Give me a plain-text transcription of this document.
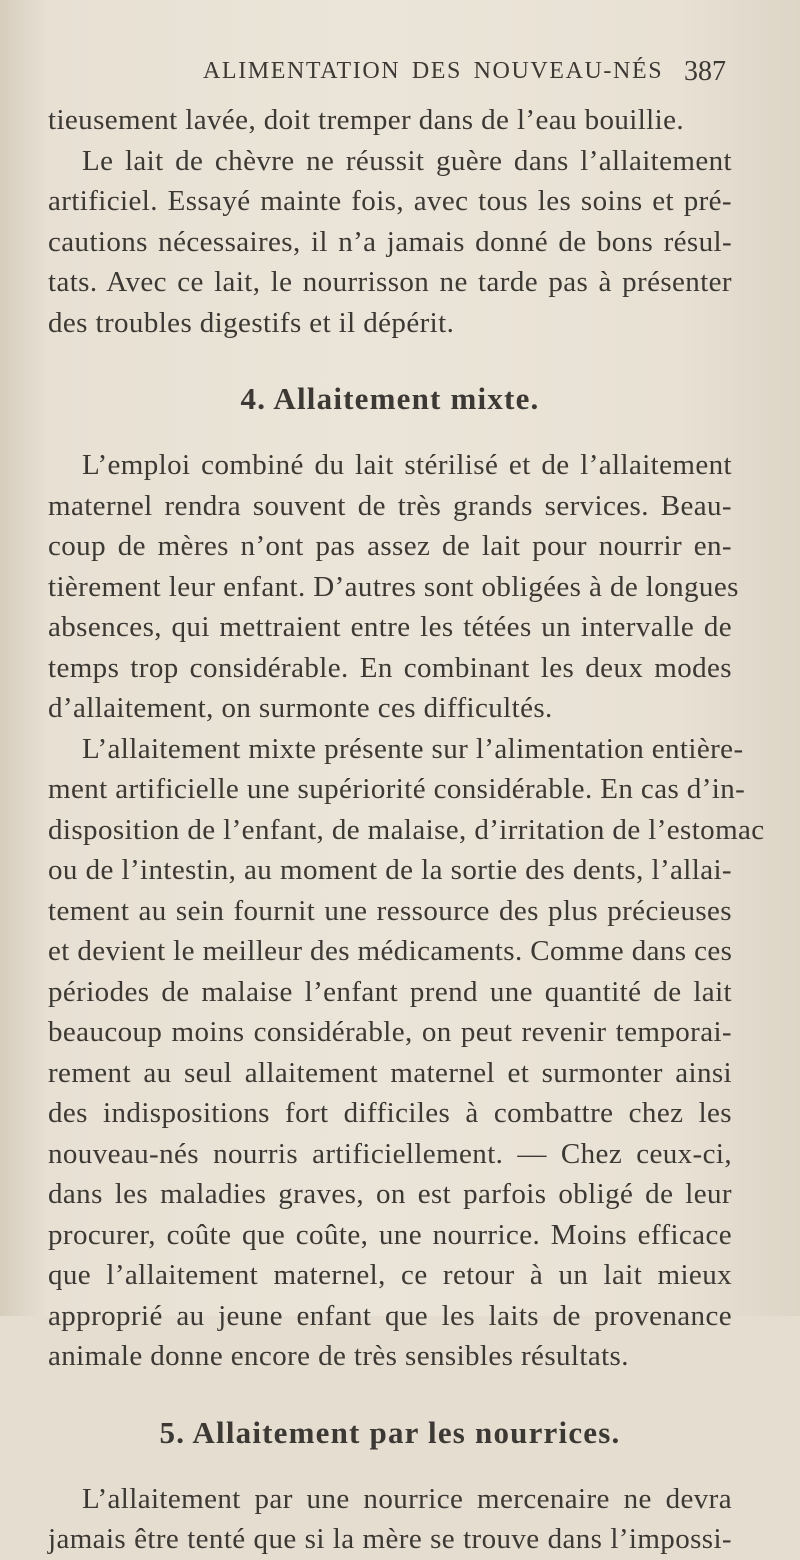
ALIMENTATION DES NOUVEAU-NÉS 387
tieusement lavée, doit tremper dans de l’eau bouillie.
Le lait de chèvre ne réussit guère dans l’allaitement
artificiel. Essayé mainte fois, avec tous les soins et pré-
cautions nécessaires, il n’a jamais donné de bons résul-
tats. Avec ce lait, le nourrisson ne tarde pas à présenter
des troubles digestifs et il dépérit.
4. Allaitement mixte.
L’emploi combiné du lait stérilisé et de l’allaitement
maternel rendra souvent de très grands services. Beau-
coup de mères n’ont pas assez de lait pour nourrir en-
tièrement leur enfant. D’autres sont obligées à de longues
absences, qui mettraient entre les tétées un intervalle de
temps trop considérable. En combinant les deux modes
d’allaitement, on surmonte ces difficultés.
L’allaitement mixte présente sur l’alimentation entière-
ment artificielle une supériorité considérable. En cas d’in-
disposition de l’enfant, de malaise, d’irritation de l’estomac
ou de l’intestin, au moment de la sortie des dents, l’allai-
tement au sein fournit une ressource des plus précieuses
et devient le meilleur des médicaments. Comme dans ces
périodes de malaise l’enfant prend une quantité de lait
beaucoup moins considérable, on peut revenir temporai-
rement au seul allaitement maternel et surmonter ainsi
des indispositions fort difficiles à combattre chez les
nouveau-nés nourris artificiellement. — Chez ceux-ci,
dans les maladies graves, on est parfois obligé de leur
procurer, coûte que coûte, une nourrice. Moins efficace
que l’allaitement maternel, ce retour à un lait mieux
approprié au jeune enfant que les laits de provenance
animale donne encore de très sensibles résultats.
5. Allaitement par les nourrices.
L’allaitement par une nourrice mercenaire ne devra
jamais être tenté que si la mère se trouve dans l’impossi-
